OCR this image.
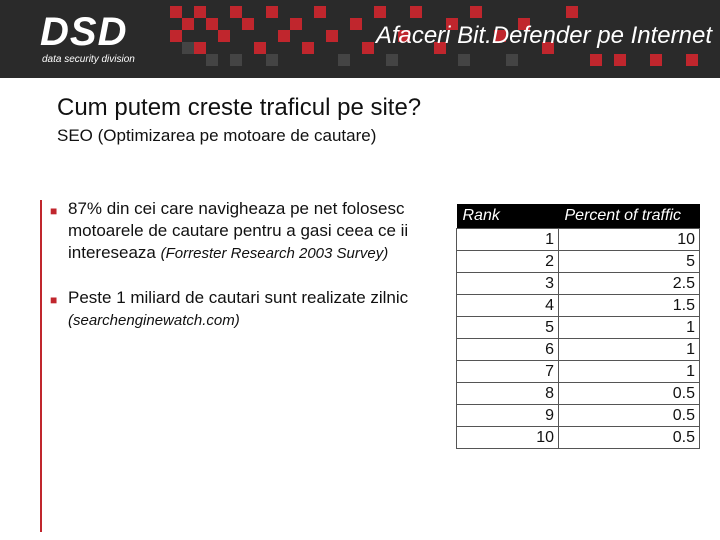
DSD
data security division
Afaceri Bit.Defender pe Internet
Cum putem creste traficul pe site?
SEO (Optimizarea pe motoare de cautare)
■ 87% din cei care navigheaza pe net folosesc motoarele de cautare pentru a gasi ceea ce ii intereseaza (Forrester Research 2003 Survey)
■ Peste 1 miliard de cautari sunt realizate zilnic (searchenginewatch.com)
Rank	Percent of traffic
1	10
2	5
3	2.5
4	1.5
5	1
6	1
7	1
8	0.5
9	0.5
10	0.5
